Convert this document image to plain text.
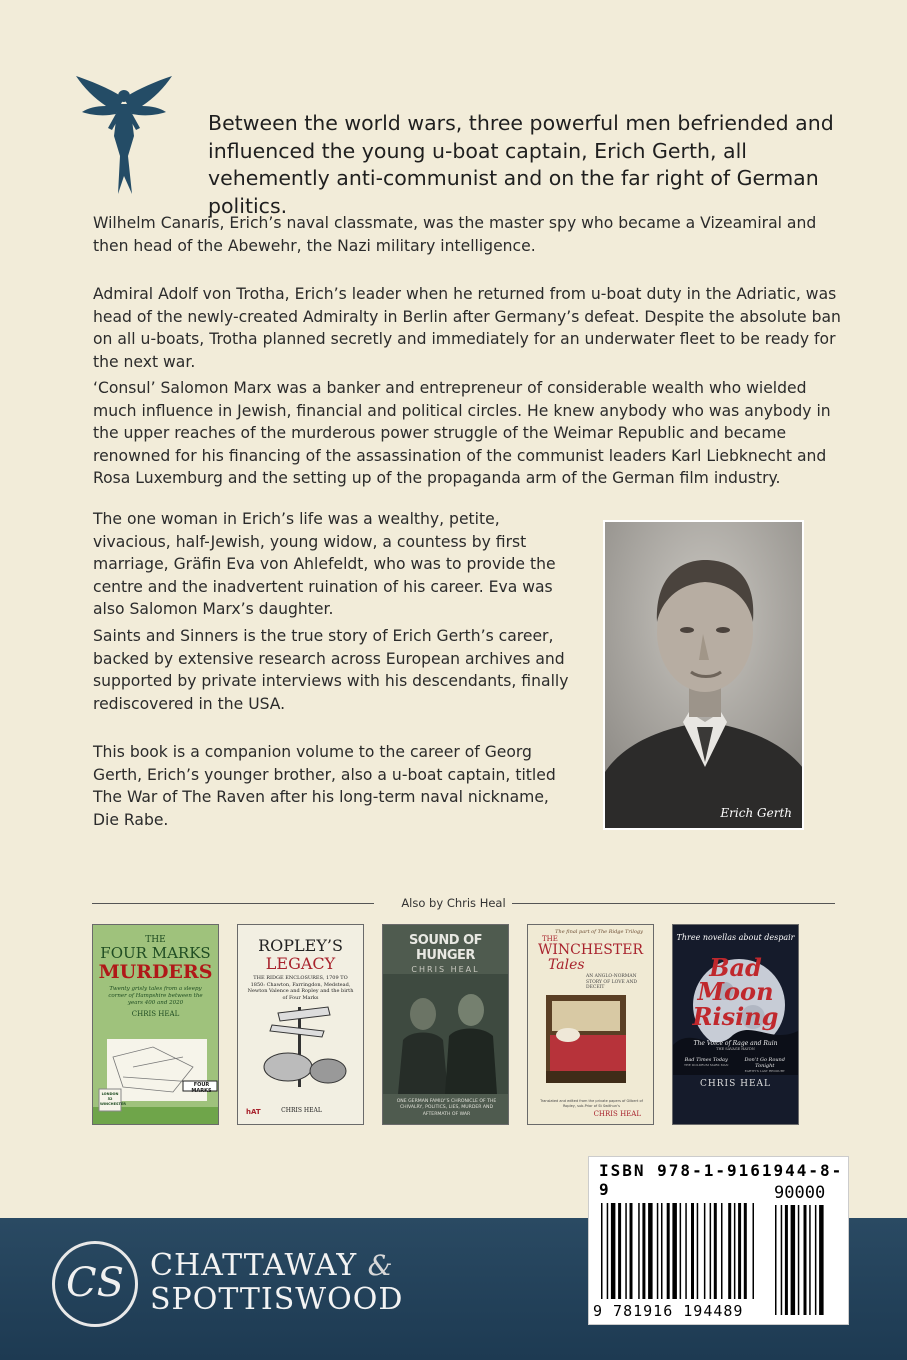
Between the world wars, three powerful men befriended and influenced the young u-boat captain, Erich Gerth, all vehemently anti-communist and on the far right of German politics.

Wilhelm Canaris, Erich’s naval classmate, was the master spy who became a Vizeamiral and then head of the Abewehr, the Nazi military intelligence.

Admiral Adolf von Trotha, Erich’s leader when he returned from u-boat duty in the Adriatic, was head of the newly-created Admiralty in Berlin after Germany’s defeat. Despite the absolute ban on all u-boats, Trotha planned secretly and immediately for an underwater fleet to be ready for the next war.

‘Consul’ Salomon Marx was a banker and entrepreneur of considerable wealth who wielded much influence in Jewish, financial and political circles. He knew anybody who was anybody in the upper reaches of the murderous power struggle of the Weimar Republic and became renowned for his financing of the assassination of the communist leaders Karl Liebknecht and Rosa Luxemburg and the setting up of the propaganda arm of the German film industry.

The one woman in Erich’s life was a wealthy, petite, vivacious, half-Jewish, young widow, a countess by first marriage, Gräfin Eva von Ahlefeldt, who was to provide the centre and the inadvertent ruination of his career. Eva was also Salomon Marx’s daughter.

Saints and Sinners is the true story of Erich Gerth’s career, backed by extensive research across European archives and supported by private interviews with his descendants, finally rediscovered in the USA.

This book is a companion volume to the career of Georg Gerth, Erich’s younger brother, also a u-boat captain, titled The War of The Raven after his long-term naval nickname, Die Rabe.	Erich Gerth
Also by Chris Heal
THE
FOUR MARKS
MURDERS
Twenty grisly tales from a sleepy corner of Hampshire between the years 400 and 2020
CHRIS HEAL
FOUR MARKS
LONDON 52 WINCHESTER
ROPLEY’S
LEGACY
THE RIDGE ENCLOSURES, 1709 TO 1850: Chawton, Farringdon, Medstead, Newton Valence and Ropley and the birth of Four Marks
hAT	CHRIS HEAL
SOUND OF HUNGER
CHRIS HEAL
ONE GERMAN FAMILY’S CHRONICLE OF THE CHIVALRY, POLITICS, LIES, MURDER AND AFTERMATH OF WAR
The final part of The Ridge Trilogy
THE
WINCHESTER
Tales
AN ANGLO-NORMAN STORY OF LOVE AND DECEIT
Translated and edited from the private papers of Gilbert of Ropley, sub-Prior of St Swithun’s
CHRIS HEAL
Three novellas about despair
Bad
Moon
Rising
The Voice of Rage and Ruin
THE SAVAGE HAYDN
Bad Times Today
THE DOLDRUM MARK MAN
Don’t Go Round Tonight
EARTH’S LAST REDOUBT
CHRIS HEAL
CS CHATTAWAY &
SPOTTISWOOD
ISBN 978-1-9161944-8-9	90000
9 781916 194489
